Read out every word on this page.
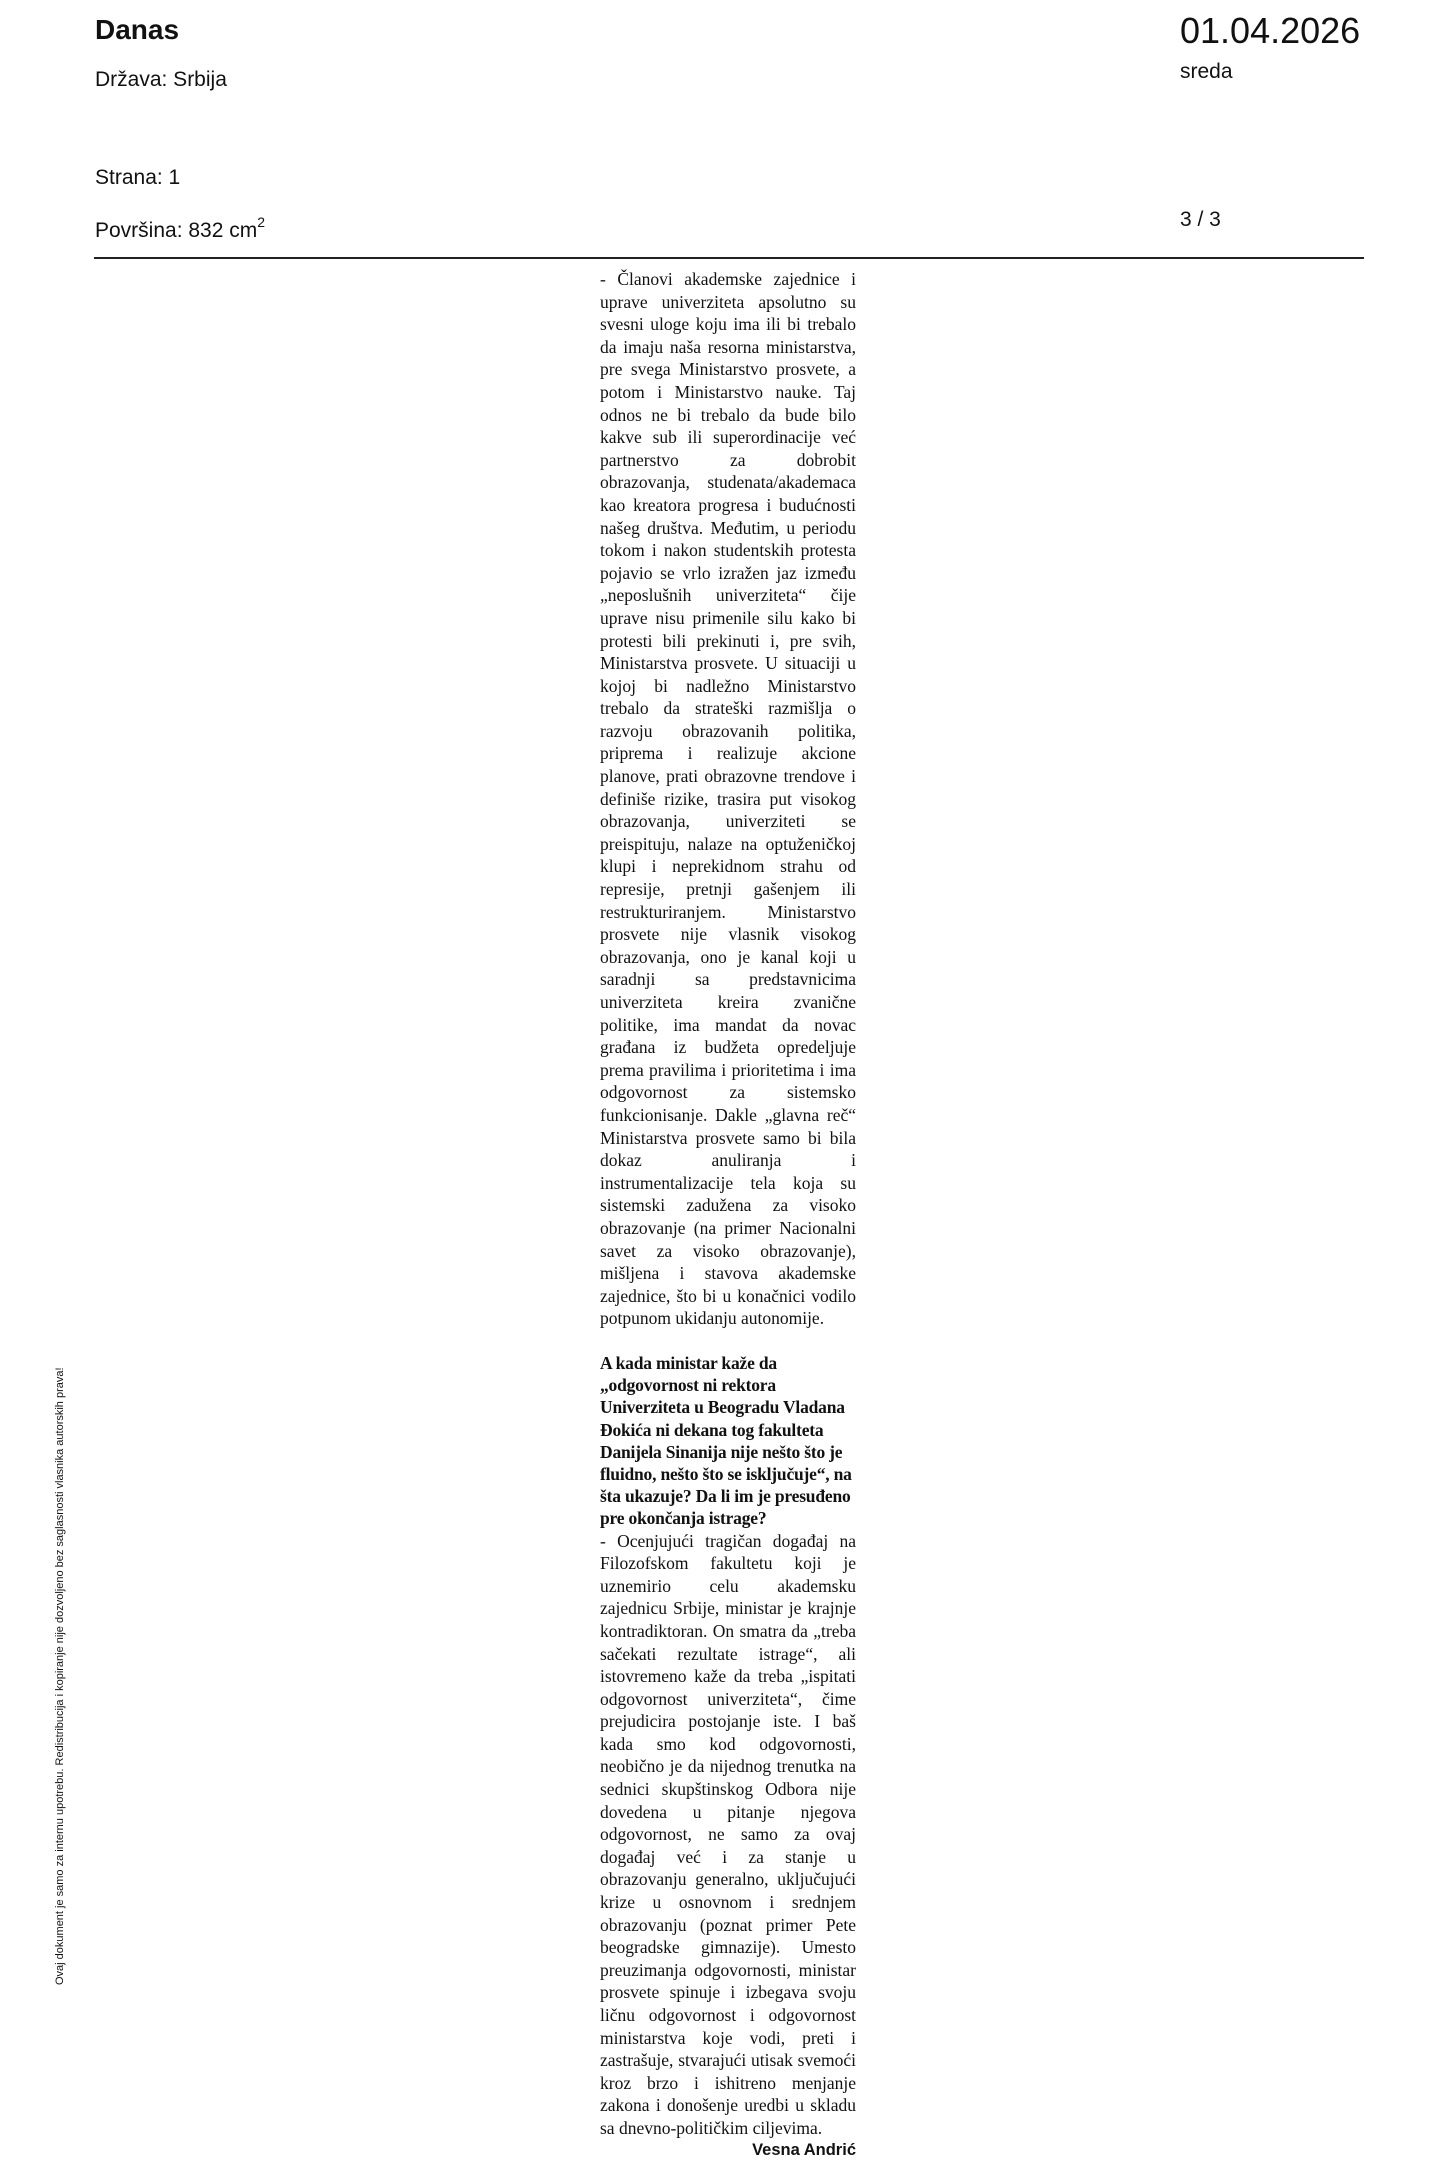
Danas
Država: Srbija
Strana: 1
Površina: 832 $cm^2$
01.04.2026
sreda
3 / 3
Ovaj dokument je samo za internu upotrebu. Redistribucija i kopiranje nije dozvoljeno bez saglasnosti vlasnika autorskih prava!

- Članovi akademske zajednice i uprave univerziteta apsolutno su svesni uloge koju ima ili bi trebalo da imaju naša resorna ministarstva, pre svega Ministarstvo prosvete, a potom i Ministarstvo nauke. Taj odnos ne bi trebalo da bude bilo kakve sub ili superordinacije već partnerstvo za dobrobit obrazovanja, studenata/akademaca kao kreatora progresa i budućnosti našeg društva. Međutim, u periodu tokom i nakon studentskih protesta pojavio se vrlo izražen jaz između „neposlušnih univerziteta“ čije uprave nisu primenile silu kako bi protesti bili prekinuti i, pre svih, Ministarstva prosvete. U situaciji u kojoj bi nadležno Ministarstvo trebalo da strateški razmišlja o razvoju obrazovanih politika, priprema i realizuje akcione planove, prati obrazovne trendove i definiše rizike, trasira put visokog obrazovanja, univerziteti se preispituju, nalaze na optuženičkoj klupi i neprekidnom strahu od represije, pretnji gašenjem ili restrukturiranjem. Ministarstvo prosvete nije vlasnik visokog obrazovanja, ono je kanal koji u saradnji sa predstavnicima univerziteta kreira zvanične politike, ima mandat da novac građana iz budžeta opredeljuje prema pravilima i prioritetima i ima odgovornost za sistemsko funkcionisanje. Dakle „glavna reč“ Ministarstva prosvete samo bi bila dokaz anuliranja i instrumentalizacije tela koja su sistemski zadužena za visoko obrazovanje (na primer Nacionalni savet za visoko obrazovanje), mišljena i stavova akademske zajednice, što bi u konačnici vodilo potpunom ukidanju autonomije.

A kada ministar kaže da „odgovornost ni rektora Univerziteta u Beogradu Vladana Đokića ni dekana tog fakulteta Danijela Sinanija nije nešto što je fluidno, nešto što se isključuje“, na šta ukazuje? Da li im je presuđeno pre okončanja istrage?

- Ocenjujući tragičan događaj na Filozofskom fakultetu koji je uznemirio celu akademsku zajednicu Srbije, ministar je krajnje kontradiktoran. On smatra da „treba sačekati rezultate istrage“, ali istovremeno kaže da treba „ispitati odgovornost univerziteta“, čime prejudicira postojanje iste. I baš kada smo kod odgovornosti, neobično je da nijednog trenutka na sednici skupštinskog Odbora nije dovedena u pitanje njegova odgovornost, ne samo za ovaj događaj već i za stanje u obrazovanju generalno, uključujući krize u osnovnom i srednjem obrazovanju (poznat primer Pete beogradske gimnazije). Umesto preuzimanja odgovornosti, ministar prosvete spinuje i izbegava svoju ličnu odgovornost i odgovornost ministarstva koje vodi, preti i zastrašuje, stvarajući utisak svemoći kroz brzo i ishitreno menjanje zakona i donošenje uredbi u skladu sa dnevno-političkim ciljevima.

Vesna Andrić
